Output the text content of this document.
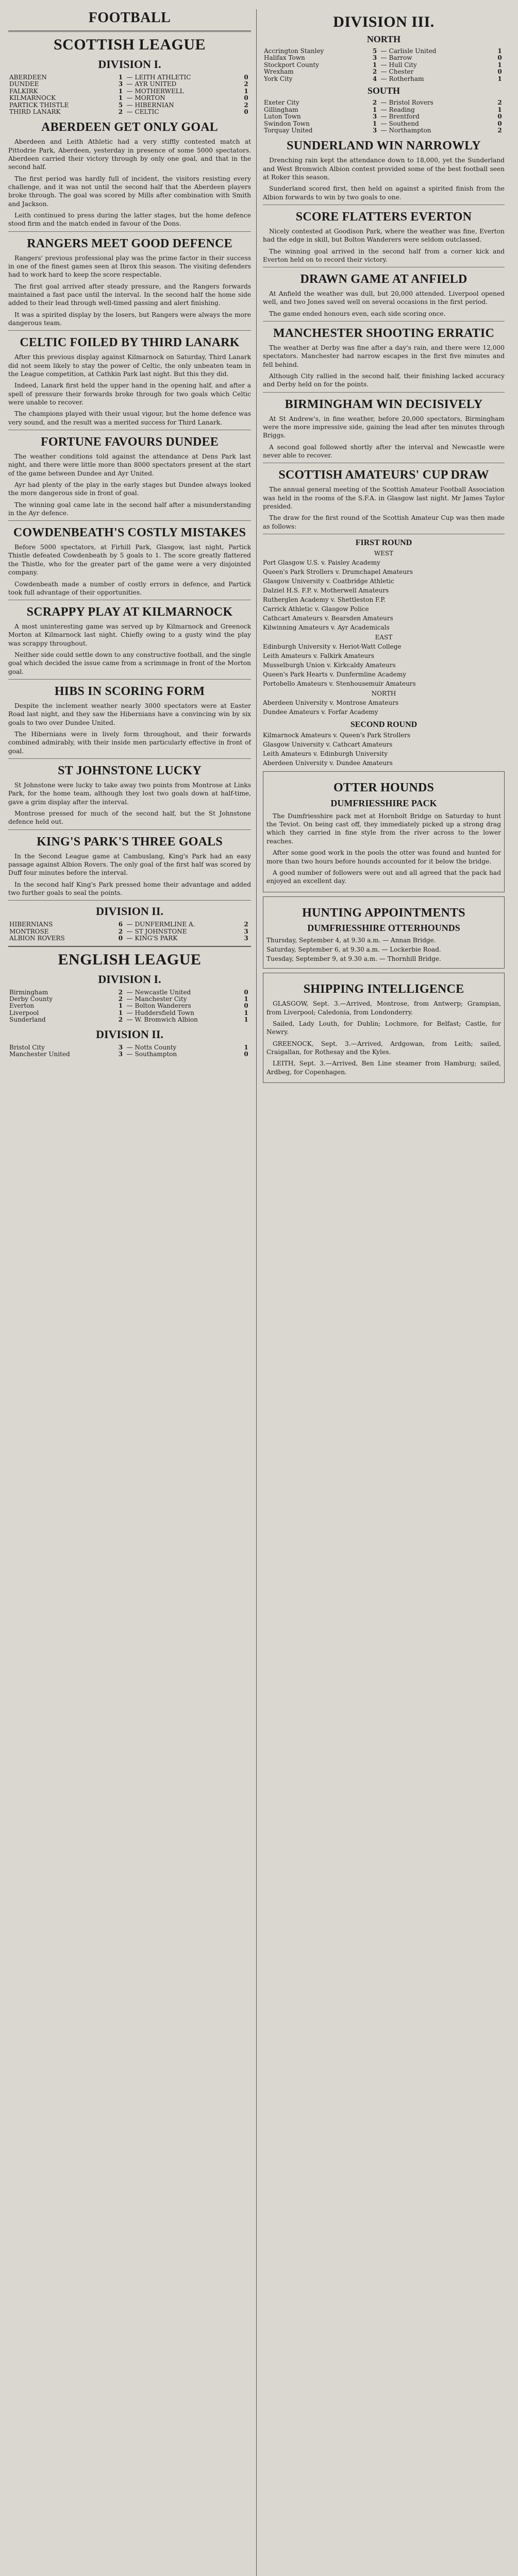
FOOTBALL
SCOTTISH LEAGUE
DIVISION I.
ABERDEEN	1	—	LEITH ATHLETIC	0
DUNDEE	3	—	AYR UNITED	2
FALKIRK	1	—	MOTHERWELL	1
KILMARNOCK	1	—	MORTON	0
PARTICK THISTLE	5	—	HIBERNIAN	2
THIRD LANARK	2	—	CELTIC	0
ABERDEEN GET ONLY GOAL

Aberdeen and Leith Athletic had a very stiffly contested match at Pittodrie Park, Aberdeen, yesterday in presence of some 5000 spectators. Aberdeen carried their victory through by only one goal, and that in the second half.

The first period was hardly full of incident, the visitors resisting every challenge, and it was not until the second half that the Aberdeen players broke through. The goal was scored by Mills after combination with Smith and Jackson.

Leith continued to press during the latter stages, but the home defence stood firm and the match ended in favour of the Dons.

RANGERS MEET GOOD DEFENCE

Rangers' previous professional play was the prime factor in their success in one of the finest games seen at Ibrox this season. The visiting defenders had to work hard to keep the score respectable.

The first goal arrived after steady pressure, and the Rangers forwards maintained a fast pace until the interval. In the second half the home side added to their lead through well-timed passing and alert finishing.

It was a spirited display by the losers, but Rangers were always the more dangerous team.

CELTIC FOILED BY THIRD LANARK

After this previous display against Kilmarnock on Saturday, Third Lanark did not seem likely to stay the power of Celtic, the only unbeaten team in the League competition, at Cathkin Park last night. But this they did.

Indeed, Lanark first held the upper hand in the opening half, and after a spell of pressure their forwards broke through for two goals which Celtic were unable to recover.

The champions played with their usual vigour, but the home defence was very sound, and the result was a merited success for Third Lanark.

FORTUNE FAVOURS DUNDEE

The weather conditions told against the attendance at Dens Park last night, and there were little more than 8000 spectators present at the start of the game between Dundee and Ayr United.

Ayr had plenty of the play in the early stages but Dundee always looked the more dangerous side in front of goal.

The winning goal came late in the second half after a misunderstanding in the Ayr defence.

COWDENBEATH'S COSTLY MISTAKES

Before 5000 spectators, at Firhill Park, Glasgow, last night, Partick Thistle defeated Cowdenbeath by 5 goals to 1. The score greatly flattered the Thistle, who for the greater part of the game were a very disjointed company.

Cowdenbeath made a number of costly errors in defence, and Partick took full advantage of their opportunities.

SCRAPPY PLAY AT KILMARNOCK

A most uninteresting game was served up by Kilmarnock and Greenock Morton at Kilmarnock last night. Chiefly owing to a gusty wind the play was scrappy throughout.

Neither side could settle down to any constructive football, and the single goal which decided the issue came from a scrimmage in front of the Morton goal.

HIBS IN SCORING FORM

Despite the inclement weather nearly 3000 spectators were at Easter Road last night, and they saw the Hibernians have a convincing win by six goals to two over Dundee United.

The Hibernians were in lively form throughout, and their forwards combined admirably, with their inside men particularly effective in front of goal.

ST JOHNSTONE LUCKY

St Johnstone were lucky to take away two points from Montrose at Links Park, for the home team, although they lost two goals down at half-time, gave a grim display after the interval.

Montrose pressed for much of the second half, but the St Johnstone defence held out.

KING'S PARK'S THREE GOALS

In the Second League game at Cambuslang, King's Park had an easy passage against Albion Rovers. The only goal of the first half was scored by Duff four minutes before the interval.

In the second half King's Park pressed home their advantage and added two further goals to seal the points.

DIVISION II.
HIBERNIANS	6	—	DUNFERMLINE A.	2
MONTROSE	2	—	ST JOHNSTONE	3
ALBION ROVERS	0	—	KING'S PARK	3
ENGLISH LEAGUE
DIVISION I.
Birmingham	2	—	Newcastle United	0
Derby County	2	—	Manchester City	1
Everton	1	—	Bolton Wanderers	0
Liverpool	1	—	Huddersfield Town	1
Sunderland	2	—	W. Bromwich Albion	1
DIVISION II.
Bristol City	3	—	Notts County	1
Manchester United	3	—	Southampton	0
DIVISION III.
NORTH
Accrington Stanley	5	—	Carlisle United	1
Halifax Town	3	—	Barrow	0
Stockport County	1	—	Hull City	1
Wrexham	2	—	Chester	0
York City	4	—	Rotherham	1
SOUTH
Exeter City	2	—	Bristol Rovers	2
Gillingham	1	—	Reading	1
Luton Town	3	—	Brentford	0
Swindon Town	1	—	Southend	0
Torquay United	3	—	Northampton	2
SUNDERLAND WIN NARROWLY

Drenching rain kept the attendance down to 18,000, yet the Sunderland and West Bromwich Albion contest provided some of the best football seen at Roker this season.

Sunderland scored first, then held on against a spirited finish from the Albion forwards to win by two goals to one.

SCORE FLATTERS EVERTON

Nicely contested at Goodison Park, where the weather was fine, Everton had the edge in skill, but Bolton Wanderers were seldom outclassed.

The winning goal arrived in the second half from a corner kick and Everton held on to record their victory.

DRAWN GAME AT ANFIELD

At Anfield the weather was dull, but 20,000 attended. Liverpool opened well, and two Jones saved well on several occasions in the first period.

The game ended honours even, each side scoring once.

MANCHESTER SHOOTING ERRATIC

The weather at Derby was fine after a day's rain, and there were 12,000 spectators. Manchester had narrow escapes in the first five minutes and fell behind.

Although City rallied in the second half, their finishing lacked accuracy and Derby held on for the points.

BIRMINGHAM WIN DECISIVELY

At St Andrew's, in fine weather, before 20,000 spectators, Birmingham were the more impressive side, gaining the lead after ten minutes through Briggs.

A second goal followed shortly after the interval and Newcastle were never able to recover.

SCOTTISH AMATEURS' CUP DRAW

The annual general meeting of the Scottish Amateur Football Association was held in the rooms of the S.F.A. in Glasgow last night. Mr James Taylor presided.

The draw for the first round of the Scottish Amateur Cup was then made as follows:

FIRST ROUND
WEST
Port Glasgow U.S. v. Paisley Academy
Queen's Park Strollers v. Drumchapel Amateurs
Glasgow University v. Coatbridge Athletic
Dalziel H.S. F.P. v. Motherwell Amateurs
Rutherglen Academy v. Shettleston F.P.
Carrick Athletic v. Glasgow Police
Cathcart Amateurs v. Bearsden Amateurs
Kilwinning Amateurs v. Ayr Academicals
EAST
Edinburgh University v. Heriot-Watt College
Leith Amateurs v. Falkirk Amateurs
Musselburgh Union v. Kirkcaldy Amateurs
Queen's Park Hearts v. Dunfermline Academy
Portobello Amateurs v. Stenhousemuir Amateurs
NORTH
Aberdeen University v. Montrose Amateurs
Dundee Amateurs v. Forfar Academy
SECOND ROUND
Kilmarnock Amateurs v. Queen's Park Strollers
Glasgow University v. Cathcart Amateurs
Leith Amateurs v. Edinburgh University
Aberdeen University v. Dundee Amateurs
OTTER HOUNDS
DUMFRIESSHIRE PACK

The Dumfriesshire pack met at Hornbolt Bridge on Saturday to hunt the Teviot. On being cast off, they immediately picked up a strong drag which they carried in fine style from the river across to the lower reaches.

After some good work in the pools the otter was found and hunted for more than two hours before hounds accounted for it below the bridge.

A good number of followers were out and all agreed that the pack had enjoyed an excellent day.

HUNTING APPOINTMENTS
DUMFRIESSHIRE OTTERHOUNDS
Thursday, September 4, at 9.30 a.m. — Annan Bridge.
Saturday, September 6, at 9.30 a.m. — Lockerbie Road.
Tuesday, September 9, at 9.30 a.m. — Thornhill Bridge.
SHIPPING INTELLIGENCE

GLASGOW, Sept. 3.—Arrived, Montrose, from Antwerp; Grampian, from Liverpool; Caledonia, from Londonderry.

Sailed, Lady Louth, for Dublin; Lochmore, for Belfast; Castle, for Newry.

GREENOCK, Sept. 3.—Arrived, Ardgowan, from Leith; sailed, Craigallan, for Rothesay and the Kyles.

LEITH, Sept. 3.—Arrived, Ben Line steamer from Hamburg; sailed, Ardbeg, for Copenhagen.
